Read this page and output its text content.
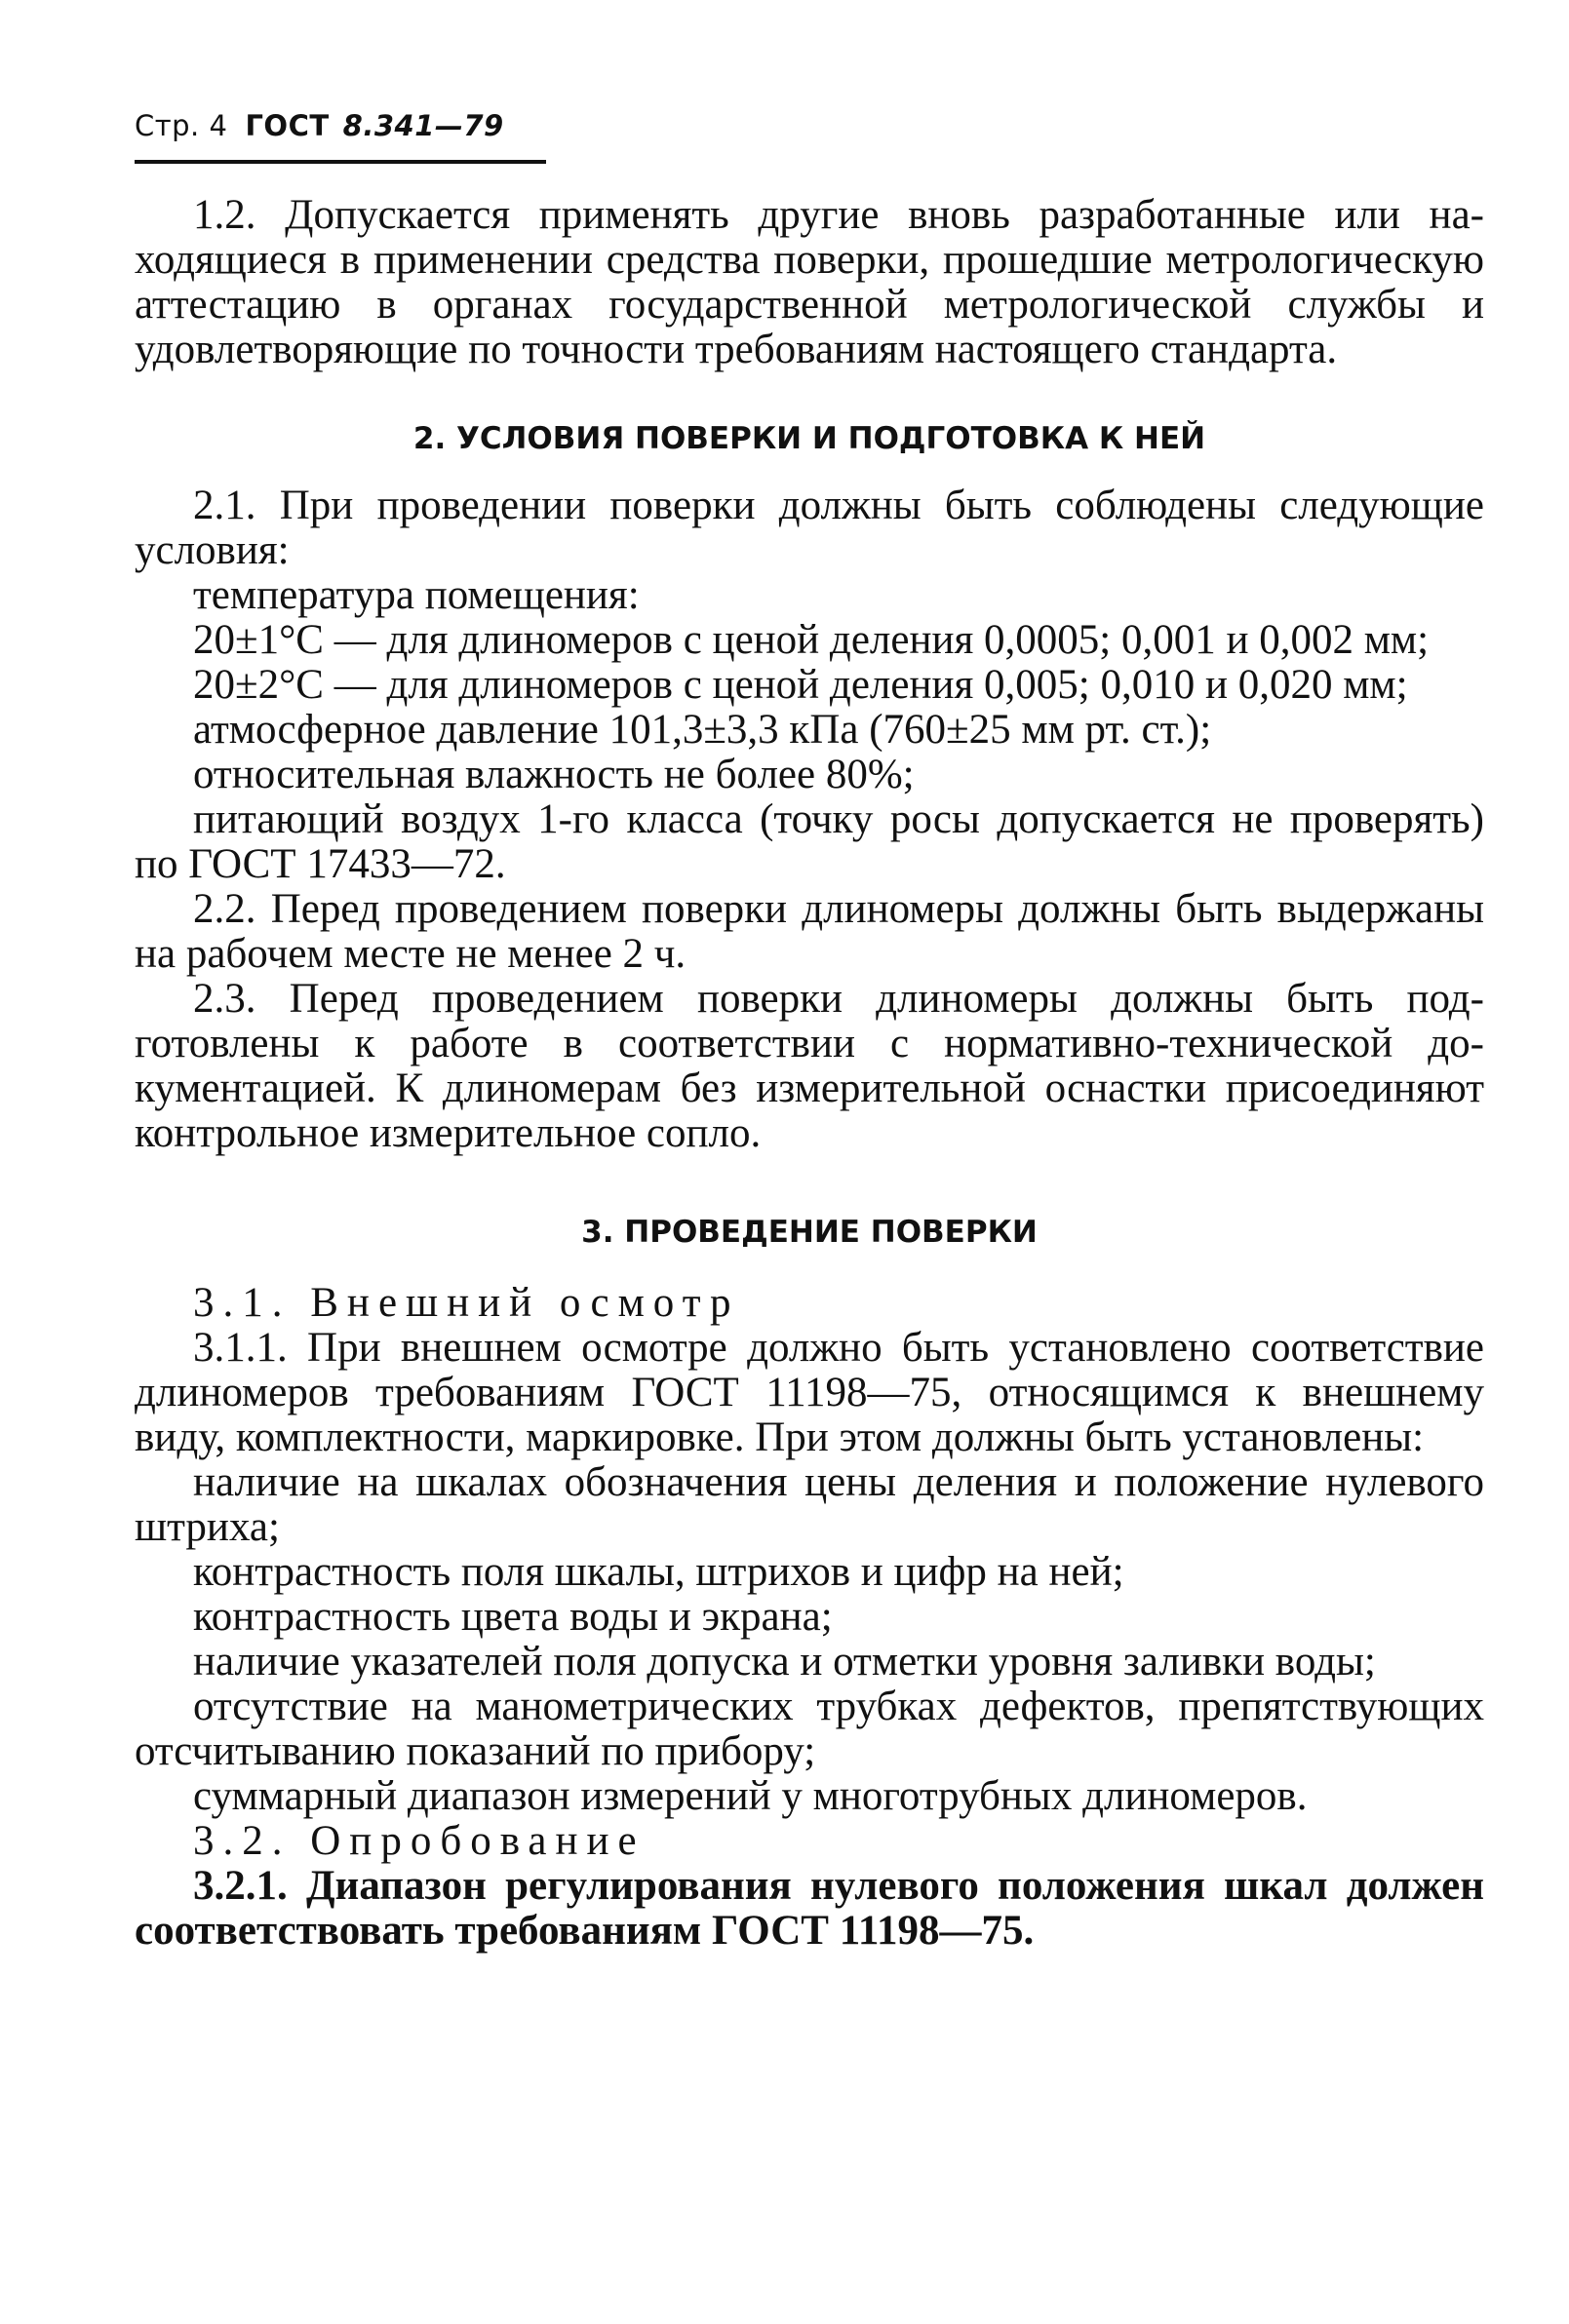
Стр. 4 ГОСТ 8.341—79

1.2. Допускается применять другие вновь разработанные или находящиеся в применении средства поверки, прошедшие метрологическую аттестацию в органах государственной метрологической службы и удовлетворяющие по точности требованиям настоящего стандарта.

2. УСЛОВИЯ ПОВЕРКИ И ПОДГОТОВКА К НЕЙ

2.1. При проведении поверки должны быть соблюдены следующие условия:

температура помещения:

20±1°С — для длиномеров с ценой деления 0,0005; 0,001 и 0,002 мм;

20±2°С — для длиномеров с ценой деления 0,005; 0,010 и 0,020 мм;

атмосферное давление 101,3±3,3 кПа (760±25 мм рт. ст.);

относительная влажность не более 80%;

питающий воздух 1-го класса (точку росы допускается не проверять) по ГОСТ 17433—72.

2.2. Перед проведением поверки длиномеры должны быть выдержаны на рабочем месте не менее 2 ч.

2.3. Перед проведением поверки длиномеры должны быть подготовлены к работе в соответствии с нормативно-технической документацией. К длиномерам без измерительной оснастки присоединяют контрольное измерительное сопло.

3. ПРОВЕДЕНИЕ ПОВЕРКИ

3.1. Внешний осмотр

3.1.1. При внешнем осмотре должно быть установлено соответствие длиномеров требованиям ГОСТ 11198—75, относящимся к внешнему виду, комплектности, маркировке. При этом должны быть установлены:

наличие на шкалах обозначения цены деления и положение нулевого штриха;

контрастность поля шкалы, штрихов и цифр на ней;

контрастность цвета воды и экрана;

наличие указателей поля допуска и отметки уровня заливки воды;

отсутствие на манометрических трубках дефектов, препятствующих отсчитыванию показаний по прибору;

суммарный диапазон измерений у многотрубных длиномеров.

3.2. Опробование

3.2.1. Диапазон регулирования нулевого положения шкал должен соответствовать требованиям ГОСТ 11198—75.
